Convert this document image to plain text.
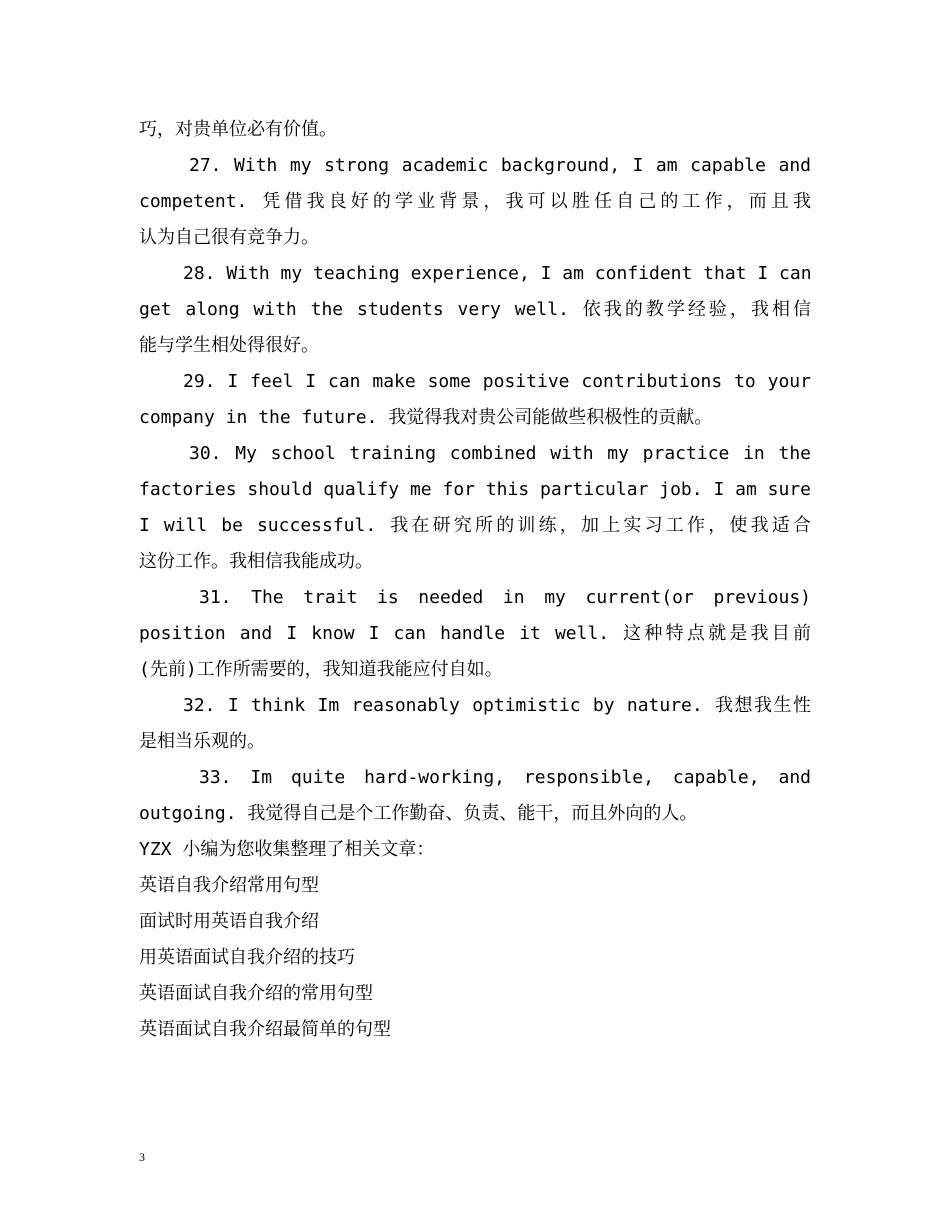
巧，对贵单位必有价值。
27. With my strong academic background, I am capable and
competent. 凭借我良好的学业背景，我可以胜任自己的工作，而且我
认为自己很有竞争力。
28. With my teaching experience, I am confident that I can
get along with the students very well. 依我的教学经验，我相信
能与学生相处得很好。
29. I feel I can make some positive contributions to your
company in the future. 我觉得我对贵公司能做些积极性的贡献。
30. My school training combined with my practice in the
factories should qualify me for this particular job. I am sure
I will be successful. 我在研究所的训练，加上实习工作，使我适合
这份工作。我相信我能成功。
31. The trait is needed in my current(or previous)
position and I know I can handle it well. 这种特点就是我目前
(先前)工作所需要的，我知道我能应付自如。
32. I think Im reasonably optimistic by nature. 我想我生性
是相当乐观的。
33. Im quite hard-working, responsible, capable, and
outgoing. 我觉得自己是个工作勤奋、负责、能干，而且外向的人。
YZX 小编为您收集整理了相关文章：
英语自我介绍常用句型
面试时用英语自我介绍
用英语面试自我介绍的技巧
英语面试自我介绍的常用句型
英语面试自我介绍最简单的句型
3
